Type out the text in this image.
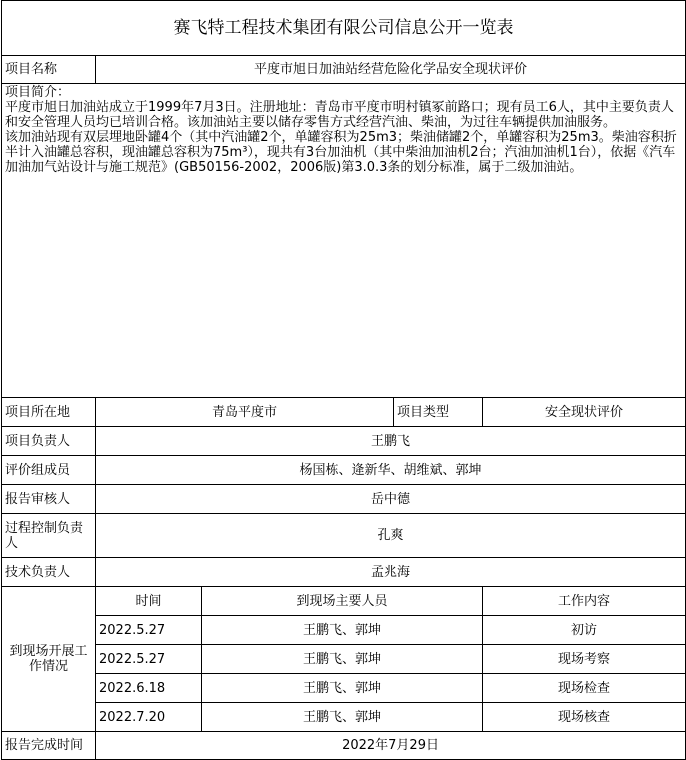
赛飞特工程技术集团有限公司信息公开一览表				
项目名称	平度市旭日加油站经营危险化学品安全现状评价			

项目简介：

平度市旭日加油站成立于1999年7月3日。注册地址：青岛市平度市明村镇冢前路口；现有员工6人，其中主要负责人和安全管理人员均已培训合格。该加油站主要以储存零售方式经营汽油、柴油，为过往车辆提供加油服务。

该加油站现有双层埋地卧罐4个（其中汽油罐2个，单罐容积为25m3；柴油储罐2个，单罐容积为25m3。柴油容积折半计入油罐总容积，现油罐总容积为75m³），现共有3台加油机（其中柴油加油机2台；汽油加油机1台），依据《汽车加油加气站设计与施工规范》(GB50156-2002，2006版)第3.0.3条的划分标准，属于二级加油站。				

项目所在地	青岛平度市		项目类型	安全现状评价
项目负责人	王鹏飞			
评价组成员	杨国栋、逄新华、胡维斌、郭坤			
报告审核人	岳中德			
过程控制负责人	孔爽			
技术负责人	孟兆海			
到现场开展工作情况	时间	到现场主要人员		工作内容
	2022.5.27	王鹏飞、郭坤		初访
	2022.5.27	王鹏飞、郭坤		现场考察
	2022.6.18	王鹏飞、郭坤		现场检查
	2022.7.20	王鹏飞、郭坤		现场核查
报告完成时间	2022年7月29日			
